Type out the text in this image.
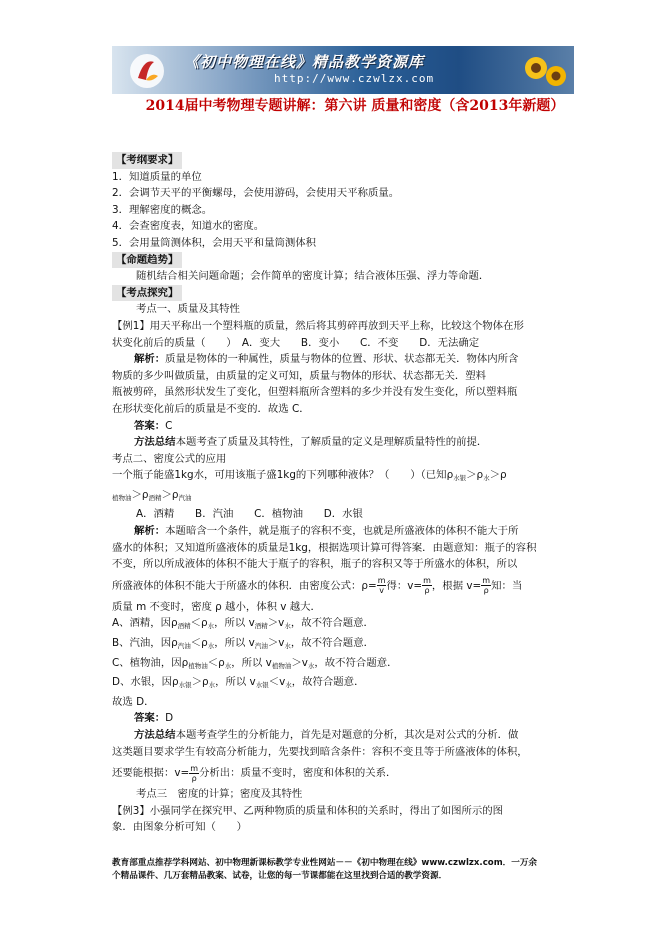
《初中物理在线》精品教学资源库
http://www.czwlzx.com
2014届中考物理专题讲解：第六讲 质量和密度（含2013年新题）
【考纲要求】
1．知道质量的单位
2．会调节天平的平衡螺母，会使用游码，会使用天平称质量。
3．理解密度的概念。
4．会查密度表，知道水的密度。
5．会用量筒测体积，会用天平和量筒测体积
【命题趋势】
随机结合相关问题命题；会作简单的密度计算；结合液体压强、浮力等命题．
【考点探究】
考点一、质量及其特性
【例1】用天平称出一个塑料瓶的质量，然后将其剪碎再放到天平上称，比较这个物体在形
状变化前后的质量（　　）　A．变大　　B．变小　　C．不变　　D．无法确定
解析：质量是物体的一种属性，质量与物体的位置、形状、状态都无关．物体内所含
物质的多少叫做质量，由质量的定义可知，质量与物体的形状、状态都无关．塑料
瓶被剪碎，虽然形状发生了变化，但塑料瓶所含塑料的多少并没有发生变化，所以塑料瓶
在形状变化前后的质量是不变的．故选 C．
答案：C
方法总结本题考查了质量及其特性，了解质量的定义是理解质量特性的前提．
考点二、密度公式的应用
一个瓶子能盛1kg水，可用该瓶子盛1kg的下列哪种液体？（　　）（已知$\rho_{水银}>\rho_水>\rho$
$_{植物油}>\rho_{酒精}>\rho_{汽油}$
A．酒精　　B．汽油　　C．植物油　　D．水银
解析：本题暗含一个条件，就是瓶子的容积不变，也就是所盛液体的体积不能大于所
盛水的体积；又知道所盛液体的质量是1kg，根据选项计算可得答案．由题意知：瓶子的容积
不变，所以所成液体的体积不能大于瓶子的容积，瓶子的容积又等于所盛水的体积，所以
所盛液体的体积不能大于所盛水的体积．由密度公式：$\rho= \frac{m}{v}$ 得：$v= \frac{m}{\rho}$ ，根据 $v= \frac{m}{\rho}$ 知：当
质量 m 不变时，密度 ρ 越小，体积 v 越大．
A、酒精，因$\rho_{酒精}<\rho_水$，所以 $v_{酒精}>v_水$，故不符合题意．
B、汽油，因$\rho_{汽油}<\rho_水$，所以 $v_{汽油}>v_水$，故不符合题意．
C、植物油，因$\rho_{植物油}<\rho_水$，所以 $v_{植物油}>v_水$，故不符合题意．
D、水银，因$\rho_{水银}>\rho_水$，所以 $v_{水银}<v_水$，故符合题意．
故选 D．
答案：D
方法总结本题考查学生的分析能力，首先是对题意的分析，其次是对公式的分析．做
这类题目要求学生有较高分析能力，先要找到暗含条件：容积不变且等于所盛液体的体积，
还要能根据：$v= \frac{m}{\rho}$ 分析出：质量不变时，密度和体积的关系．
考点三　密度的计算；密度及其特性
【例3】小强同学在探究甲、乙两种物质的质量和体积的关系时，得出了如图所示的图
象．由图象分析可知（　　）
教育部重点推荐学科网站、初中物理新课标教学专业性网站－－《初中物理在线》www.czwlzx.com．一万余
个精品课件、几万套精品教案、试卷，让您的每一节课都能在这里找到合适的教学资源．
